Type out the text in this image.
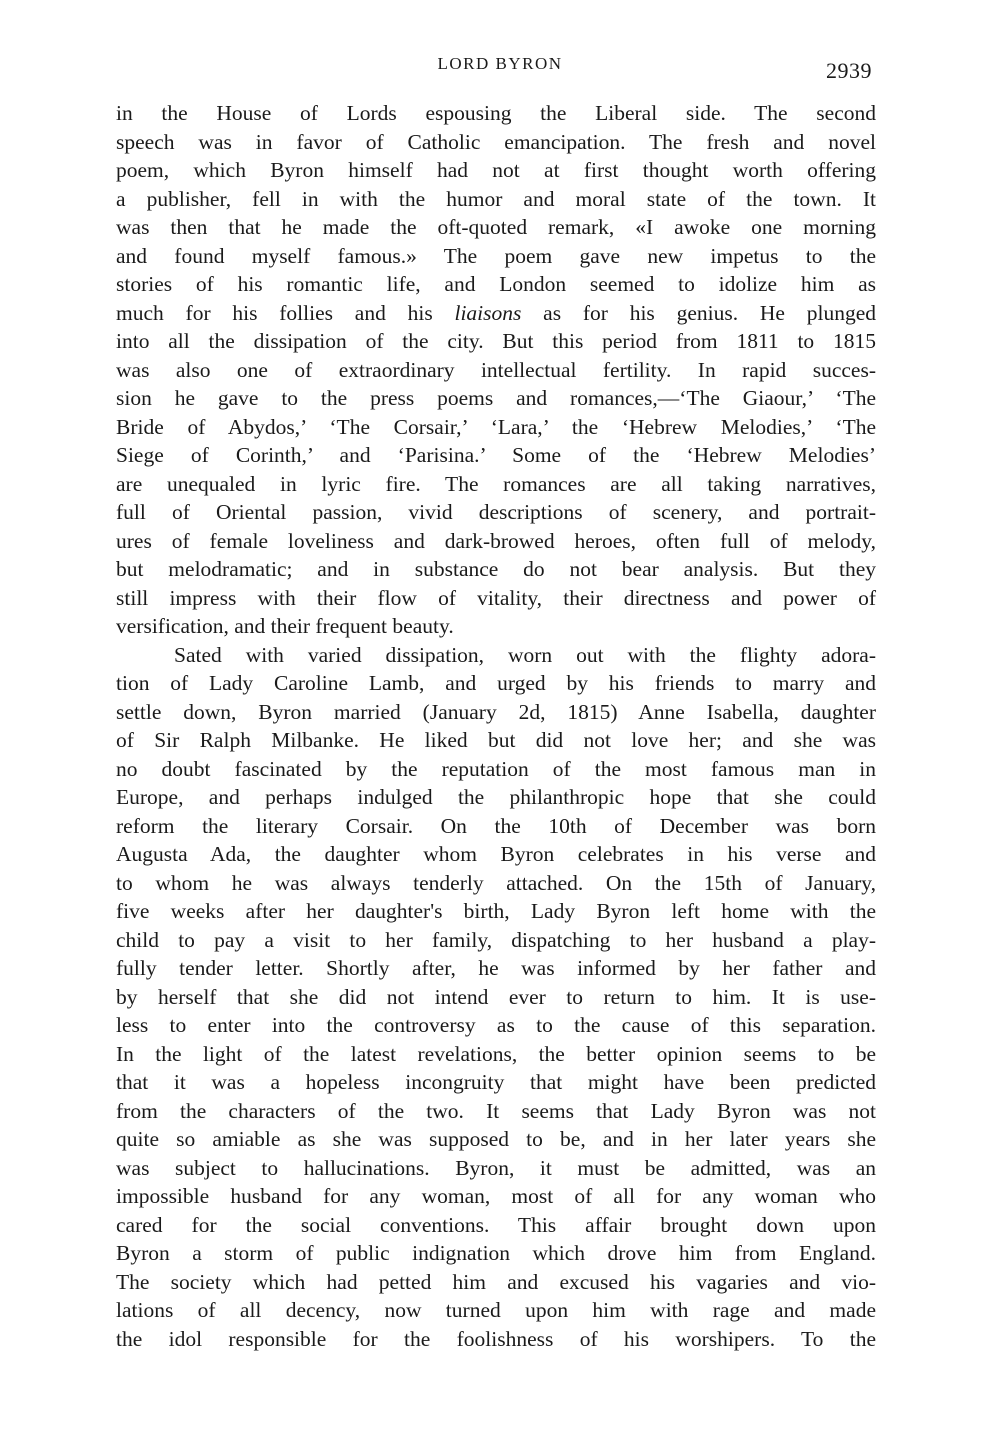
LORD BYRON	2939
in the House of Lords espousing the Liberal side. The second
speech was in favor of Catholic emancipation. The fresh and novel
poem, which Byron himself had not at first thought worth offering
a publisher, fell in with the humor and moral state of the town. It
was then that he made the oft-quoted remark, «I awoke one morning
and found myself famous.» The poem gave new impetus to the
stories of his romantic life, and London seemed to idolize him as
much for his follies and his liaisons as for his genius. He plunged
into all the dissipation of the city. But this period from 1811 to 1815
was also one of extraordinary intellectual fertility. In rapid succes-
sion he gave to the press poems and romances,—‘The Giaour,’ ‘The
Bride of Abydos,’ ‘The Corsair,’ ‘Lara,’ the ‘Hebrew Melodies,’ ‘The
Siege of Corinth,’ and ‘Parisina.’ Some of the ‘Hebrew Melodies’
are unequaled in lyric fire. The romances are all taking narratives,
full of Oriental passion, vivid descriptions of scenery, and portrait-
ures of female loveliness and dark-browed heroes, often full of melody,
but melodramatic; and in substance do not bear analysis. But they
still impress with their flow of vitality, their directness and power of
versification, and their frequent beauty.
Sated with varied dissipation, worn out with the flighty adora-
tion of Lady Caroline Lamb, and urged by his friends to marry and
settle down, Byron married (January 2d, 1815) Anne Isabella, daughter
of Sir Ralph Milbanke. He liked but did not love her; and she was
no doubt fascinated by the reputation of the most famous man in
Europe, and perhaps indulged the philanthropic hope that she could
reform the literary Corsair. On the 10th of December was born
Augusta Ada, the daughter whom Byron celebrates in his verse and
to whom he was always tenderly attached. On the 15th of January,
five weeks after her daughter's birth, Lady Byron left home with the
child to pay a visit to her family, dispatching to her husband a play-
fully tender letter. Shortly after, he was informed by her father and
by herself that she did not intend ever to return to him. It is use-
less to enter into the controversy as to the cause of this separation.
In the light of the latest revelations, the better opinion seems to be
that it was a hopeless incongruity that might have been predicted
from the characters of the two. It seems that Lady Byron was not
quite so amiable as she was supposed to be, and in her later years she
was subject to hallucinations. Byron, it must be admitted, was an
impossible husband for any woman, most of all for any woman who
cared for the social conventions. This affair brought down upon
Byron a storm of public indignation which drove him from England.
The society which had petted him and excused his vagaries and vio-
lations of all decency, now turned upon him with rage and made
the idol responsible for the foolishness of his worshipers. To the
